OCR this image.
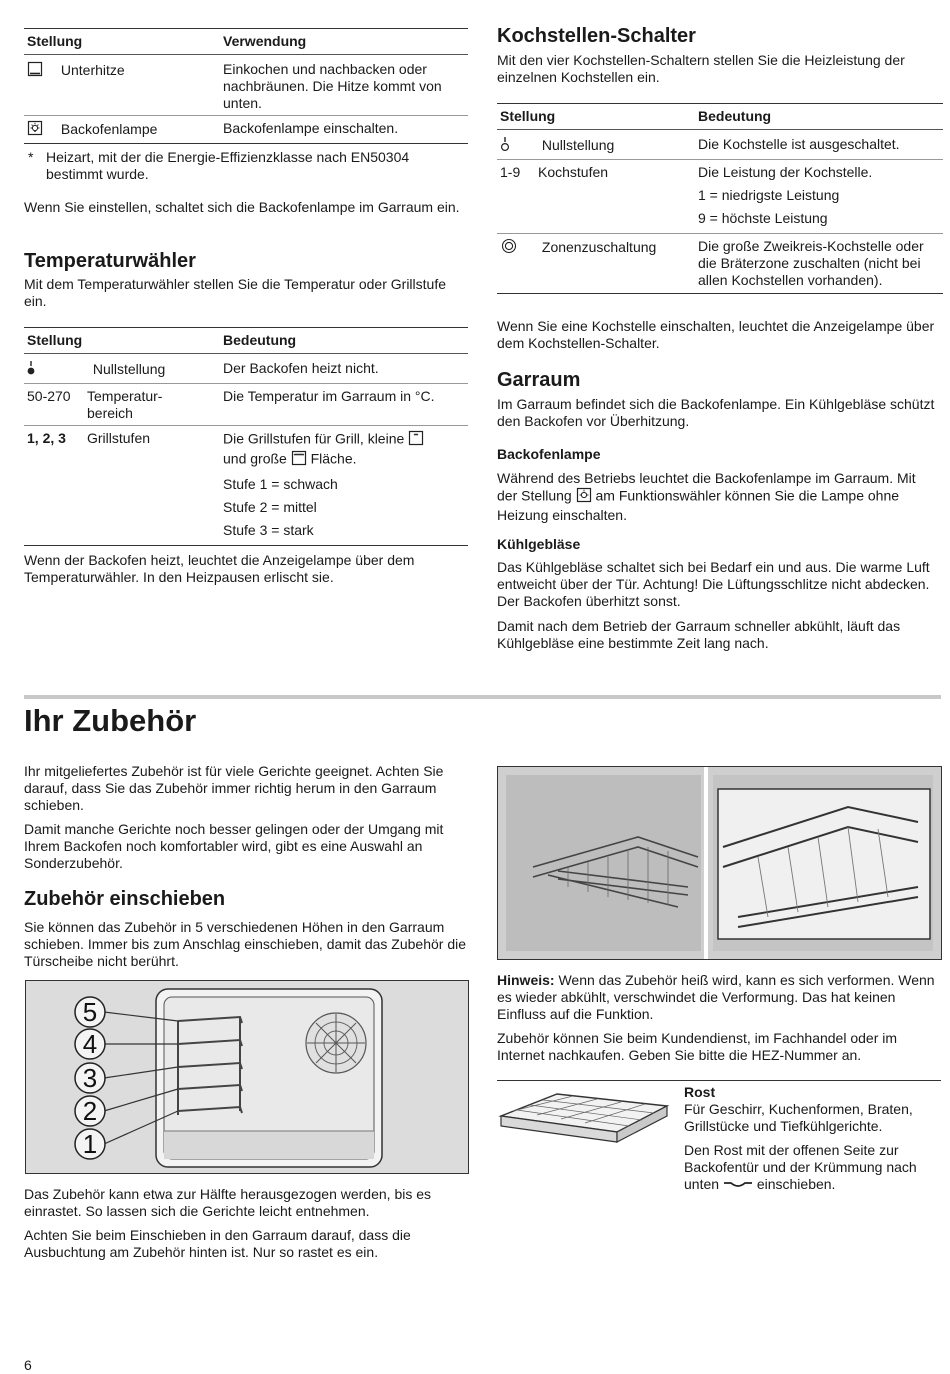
Stellung	Verwendung
Unterhitze	Einkochen und nachbacken oder nachbräunen. Die Hitze kommt von unten.
Backofenlampe	Backofenlampe einschalten.
* Heizart, mit der die Energie-Effizienzklasse nach EN50304 bestimmt wurde.

Wenn Sie einstellen, schaltet sich die Backofenlampe im Garraum ein.

Temperaturwähler

Mit dem Temperaturwähler stellen Sie die Temperatur oder Grillstufe ein.

Stellung	Bedeutung
Nullstellung	Der Backofen heizt nicht.
50-270 Temperatur-
bereich	Die Temperatur im Garraum in °C.
1, 2, 3 Grillstufen	Die Grillstufen für Grill, kleine
und große Fläche.
Stufe 1 = schwach
Stufe 2 = mittel
Stufe 3 = stark

Wenn der Backofen heizt, leuchtet die Anzeigelampe über dem Temperaturwähler. In den Heizpausen erlischt sie.

Kochstellen-Schalter

Mit den vier Kochstellen-Schaltern stellen Sie die Heizleistung der einzelnen Kochstellen ein.

Stellung	Bedeutung
Nullstellung	Die Kochstelle ist ausgeschaltet.
1-9 Kochstufen	Die Leistung der Kochstelle.
1 = niedrigste Leistung
9 = höchste Leistung

Zonenzuschaltung	Die große Zweikreis-Kochstelle oder die Bräterzone zuschalten (nicht bei allen Kochstellen vorhanden).

Wenn Sie eine Kochstelle einschalten, leuchtet die Anzeigelampe über dem Kochstellen-Schalter.

Garraum

Im Garraum befindet sich die Backofenlampe. Ein Kühlgebläse schützt den Backofen vor Überhitzung.

Backofenlampe

Während des Betriebs leuchtet die Backofenlampe im Garraum. Mit der Stellung am Funktionswähler können Sie die Lampe ohne Heizung einschalten.

Kühlgebläse

Das Kühlgebläse schaltet sich bei Bedarf ein und aus. Die warme Luft entweicht über der Tür. Achtung! Die Lüftungsschlitze nicht abdecken. Der Backofen überhitzt sonst.

Damit nach dem Betrieb der Garraum schneller abkühlt, läuft das Kühlgebläse eine bestimmte Zeit lang nach.

Ihr Zubehör

Ihr mitgeliefertes Zubehör ist für viele Gerichte geeignet. Achten Sie darauf, dass Sie das Zubehör immer richtig herum in den Garraum schieben.

Damit manche Gerichte noch besser gelingen oder der Umgang mit Ihrem Backofen noch komfortabler wird, gibt es eine Auswahl an Sonderzubehör.

Zubehör einschieben

Sie können das Zubehör in 5 verschiedenen Höhen in den Garraum schieben. Immer bis zum Anschlag einschieben, damit das Zubehör die Türscheibe nicht berührt.

5
4
3
2
1

Das Zubehör kann etwa zur Hälfte herausgezogen werden, bis es einrastet. So lassen sich die Gerichte leicht entnehmen.

Achten Sie beim Einschieben in den Garraum darauf, dass die Ausbuchtung am Zubehör hinten ist. Nur so rastet es ein.

Hinweis: Wenn das Zubehör heiß wird, kann es sich verformen. Wenn es wieder abkühlt, verschwindet die Verformung. Das hat keinen Einfluss auf die Funktion.

Zubehör können Sie beim Kundendienst, im Fachhandel oder im Internet nachkaufen. Geben Sie bitte die HEZ-Nummer an.

Rost

Für Geschirr, Kuchenformen, Braten, Grillstücke und Tiefkühlgerichte.

Den Rost mit der offenen Seite zur Backofentür und der Krümmung nach unten	einschieben.

6
